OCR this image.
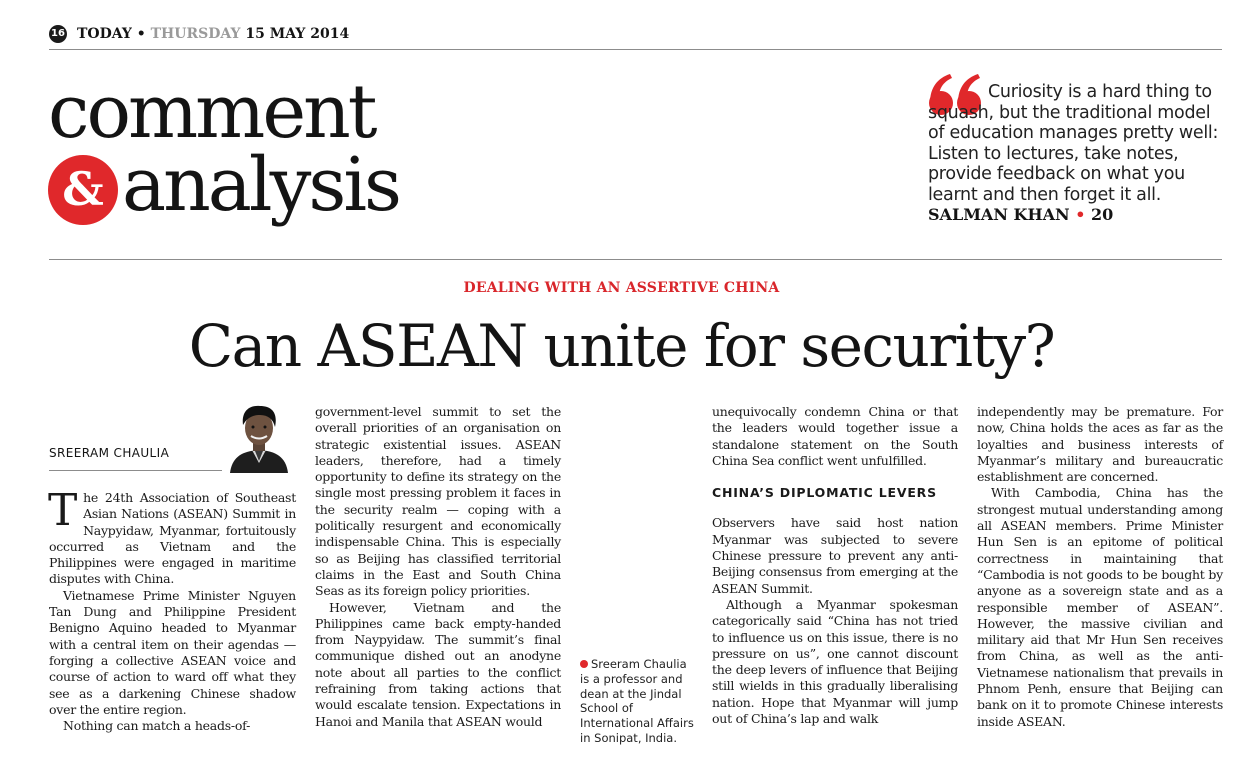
16 TODAY • THURSDAY 15 MAY 2014
comment
& analysis
Curiosity is a hard thing to squash, but the traditional model of education manages pretty well: Listen to lectures, take notes, provide feedback on what you learnt and then forget it all.
SALMAN KHAN • 20
DEALING WITH AN ASSERTIVE CHINA
Can ASEAN unite for security?
SREERAM CHAULIA

The 24th Association of Southeast Asian Nations (ASEAN) Summit in Naypyidaw, Myanmar, fortuitously occurred as Vietnam and the Philippines were engaged in maritime disputes with China.

Vietnamese Prime Minister Nguyen Tan Dung and Philippine President Benigno Aquino headed to Myanmar with a central item on their agendas — forging a collective ASEAN voice and course of action to ward off what they see as a darkening Chinese shadow over the entire region.

Nothing can match a heads-of-

government-level summit to set the overall priorities of an organisation on strategic existential issues. ASEAN leaders, therefore, had a timely opportunity to define its strategy on the single most pressing problem it faces in the security realm — coping with a politically resurgent and economically indispensable China. This is especially so as Beijing has classified territorial claims in the East and South China Seas as its foreign policy priorities.

However, Vietnam and the Philippines came back empty-handed from Naypyidaw. The summit’s final communique dished out an anodyne note about all parties to the conflict refraining from taking actions that would escalate tension. Expectations in Hanoi and Manila that ASEAN would

Sreeram Chaulia is a professor and dean at the Jindal School of International Affairs in Sonipat, India.

unequivocally condemn China or that the leaders would together issue a standalone statement on the South China Sea conflict went unfulfilled.

CHINA’S DIPLOMATIC LEVERS

Observers have said host nation Myanmar was subjected to severe Chinese pressure to prevent any anti-Beijing consensus from emerging at the ASEAN Summit.

Although a Myanmar spokesman categorically said “China has not tried to influence us on this issue, there is no pressure on us”, one cannot discount the deep levers of influence that Beijing still wields in this gradually liberalising nation. Hope that Myanmar will jump out of China’s lap and walk

independently may be premature. For now, China holds the aces as far as the loyalties and business interests of Myanmar’s military and bureaucratic establishment are concerned.

With Cambodia, China has the strongest mutual understanding among all ASEAN members. Prime Minister Hun Sen is an epitome of political correctness in maintaining that “Cambodia is not goods to be bought by anyone as a sovereign state and as a responsible member of ASEAN”. However, the massive civilian and military aid that Mr Hun Sen receives from China, as well as the anti-Vietnamese nationalism that prevails in Phnom Penh, ensure that Beijing can bank on it to promote Chinese interests inside ASEAN.
